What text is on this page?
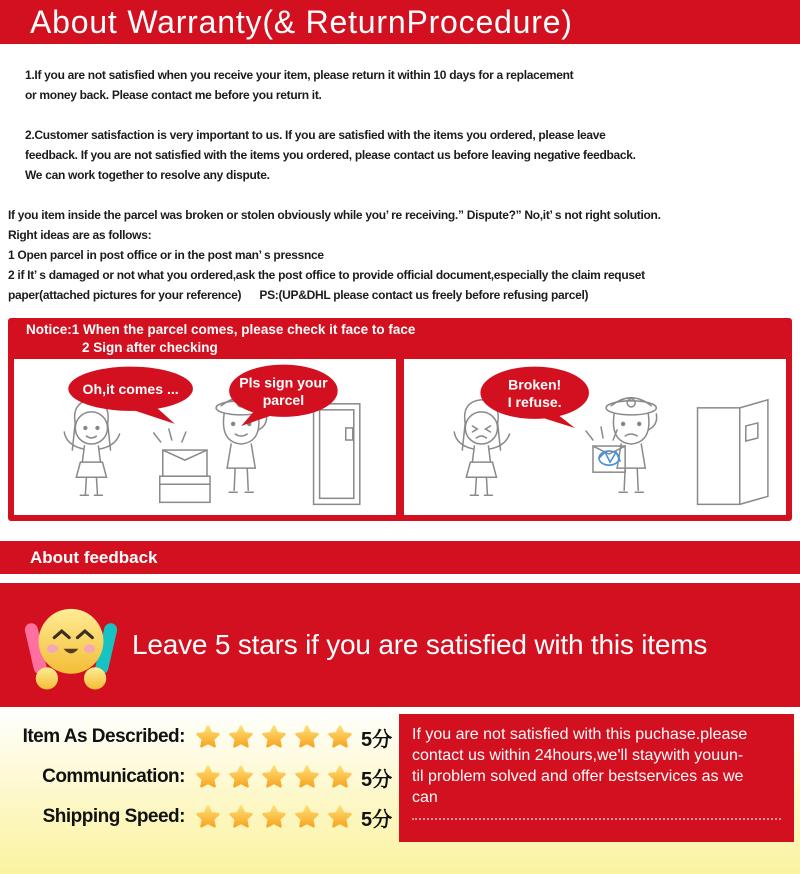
About Warranty(& ReturnProcedure)
1.If you are not satisfied when you receive your item, please return it within 10 days for a replacement
or money back. Please contact me before you return it.
2.Customer satisfaction is very important to us. If you are satisfied with the items you ordered, please leave
feedback. If you are not satisfied with the items you ordered, please contact us before leaving negative feedback.
We can work together to resolve any dispute.
If you item inside the parcel was broken or stolen obviously while you’ re receiving.” Dispute?” No,it’ s not right solution.
Right ideas are as follows:
1 Open parcel in post office or in the post man’ s pressnce
2 if It’ s damaged or not what you ordered,ask the post office to provide official document,especially the claim requset
paper(attached pictures for your reference)      PS:(UP&DHL please contact us freely before refusing parcel)
Notice:1 When the parcel comes, please check it face to face
2 Sign after checking
Oh,it comes ...	Pls sign your
parcel
Broken!
I refuse.
About feedback
Leave 5 stars if you are satisfied with this items
Item As Described:	5分
Communication:	5分
Shipping Speed:	5分
If you are not satisfied with this puchase.please
contact us within 24hours,we'll staywith youun-
til problem solved and offer bestservices as we
can
